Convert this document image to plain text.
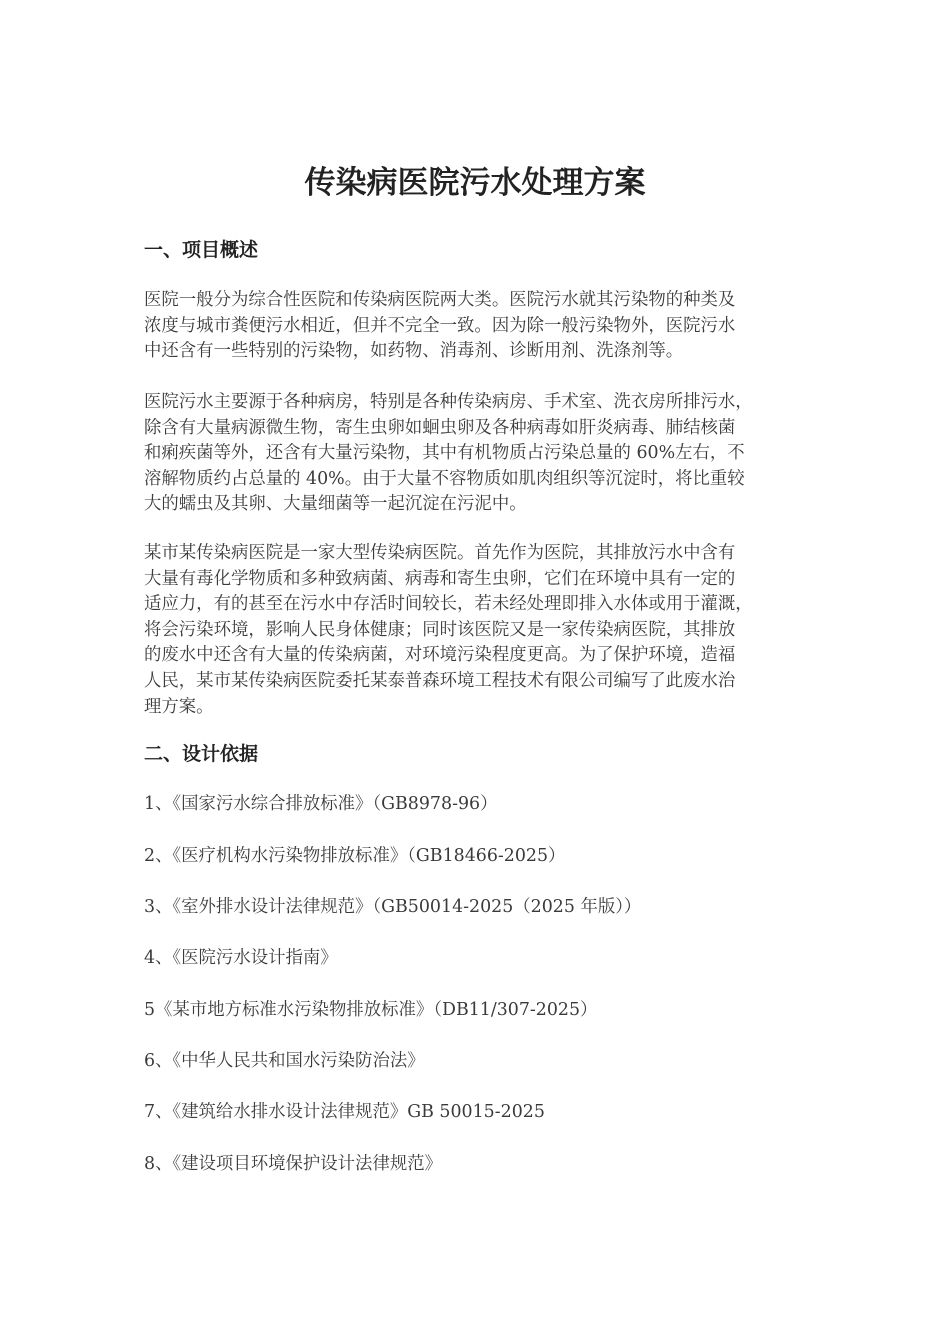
传染病医院污水处理方案
一、项目概述
医院一般分为综合性医院和传染病医院两大类。医院污水就其污染物的种类及
浓度与城市粪便污水相近，但并不完全一致。因为除一般污染物外，医院污水
中还含有一些特别的污染物，如药物、消毒剂、诊断用剂、洗涤剂等。
医院污水主要源于各种病房，特别是各种传染病房、手术室、洗衣房所排污水，
除含有大量病源微生物，寄生虫卵如蛔虫卵及各种病毒如肝炎病毒、肺结核菌
和痢疾菌等外，还含有大量污染物，其中有机物质占污染总量的 60%左右，不
溶解物质约占总量的 40%。由于大量不容物质如肌肉组织等沉淀时，将比重较
大的蠕虫及其卵、大量细菌等一起沉淀在污泥中。
某市某传染病医院是一家大型传染病医院。首先作为医院，其排放污水中含有
大量有毒化学物质和多种致病菌、病毒和寄生虫卵，它们在环境中具有一定的
适应力，有的甚至在污水中存活时间较长，若未经处理即排入水体或用于灌溉，
将会污染环境，影响人民身体健康；同时该医院又是一家传染病医院，其排放
的废水中还含有大量的传染病菌，对环境污染程度更高。为了保护环境，造福
人民，某市某传染病医院委托某泰普森环境工程技术有限公司编写了此废水治
理方案。
二、设计依据

1、《国家污水综合排放标准》（GB8978-96）

2、《医疗机构水污染物排放标准》（GB18466-2025）

3、《室外排水设计法律规范》（GB50014-2025（2025 年版））

4、《医院污水设计指南》

5《某市地方标准水污染物排放标准》（DB11/307-2025）

6、《中华人民共和国水污染防治法》

7、《建筑给水排水设计法律规范》GB 50015-2025

8、《建设项目环境保护设计法律规范》
